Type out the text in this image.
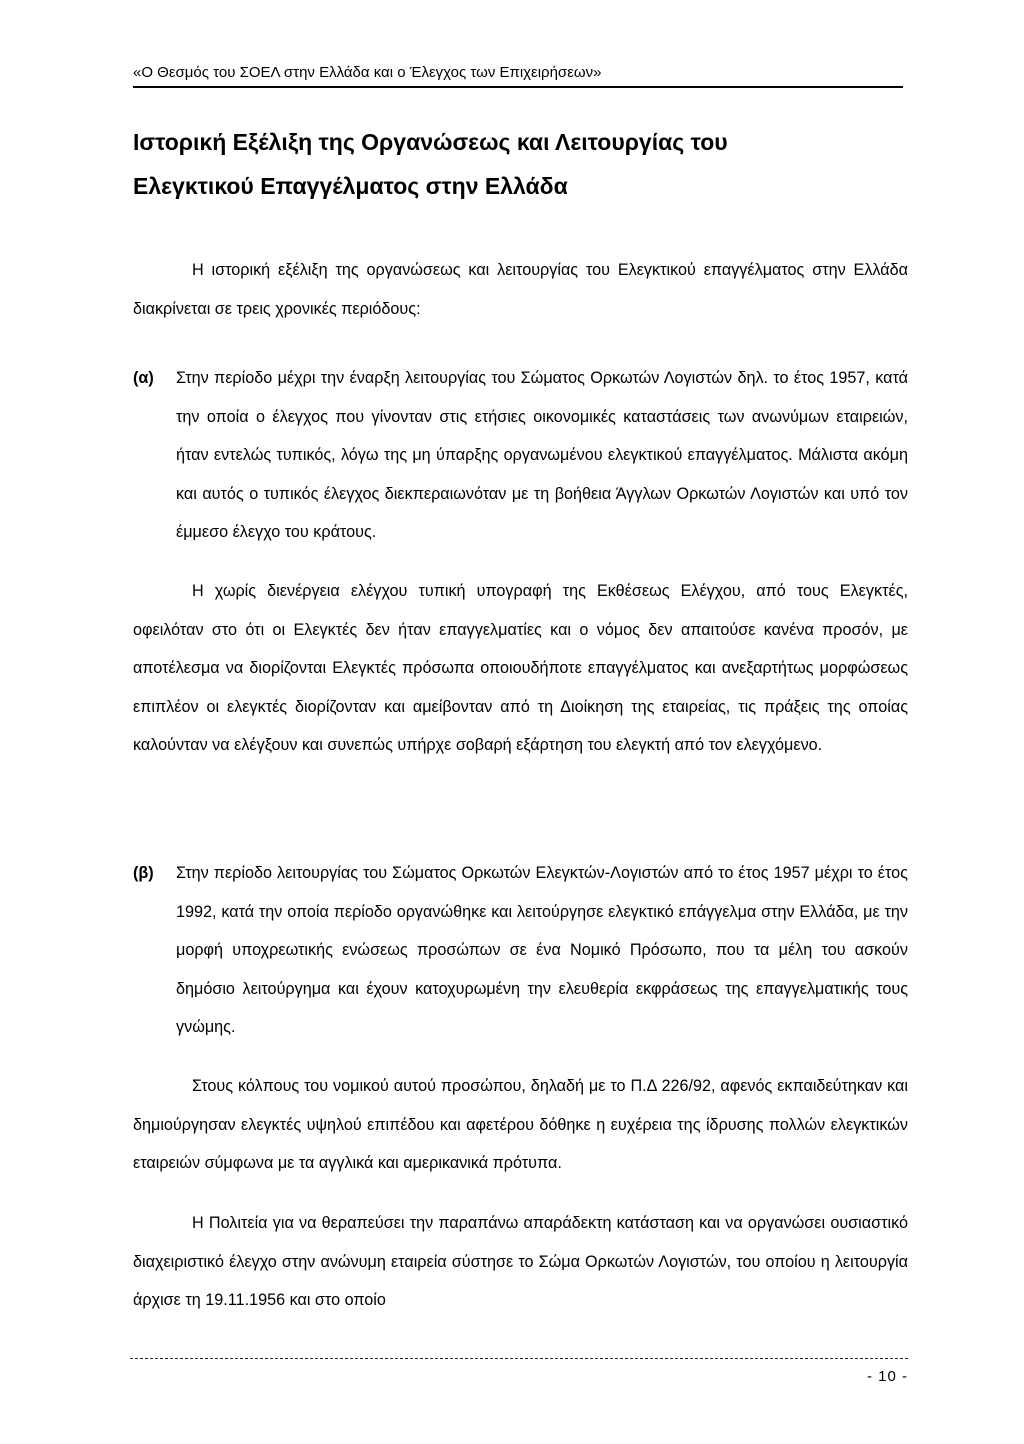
«Ο Θεσμός του ΣΟΕΛ στην Ελλάδα και ο Έλεγχος των Επιχειρήσεων»
Ιστορική Εξέλιξη της Οργανώσεως και Λειτουργίας του
Ελεγκτικού Επαγγέλματος στην Ελλάδα

Η ιστορική εξέλιξη της οργανώσεως και λειτουργίας του Ελεγκτικού επαγγέλματος στην Ελλάδα διακρίνεται σε τρεις χρονικές περιόδους:

(α) Στην περίοδο μέχρι την έναρξη λειτουργίας του Σώματος Ορκωτών Λογιστών δηλ. το έτος 1957, κατά την οποία ο έλεγχος που γίνονταν στις ετήσιες οικονομικές καταστάσεις των ανωνύμων εταιρειών, ήταν εντελώς τυπικός, λόγω της μη ύπαρξης οργανωμένου ελεγκτικού επαγγέλματος. Μάλιστα ακόμη και αυτός ο τυπικός έλεγχος διεκπεραιωνόταν με τη βοήθεια Άγγλων Ορκωτών Λογιστών και υπό τον έμμεσο έλεγχο του κράτους.

Η χωρίς διενέργεια ελέγχου τυπική υπογραφή της Εκθέσεως Ελέγχου, από τους Ελεγκτές, οφειλόταν στο ότι οι Ελεγκτές δεν ήταν επαγγελματίες και ο νόμος δεν απαιτούσε κανένα προσόν, με αποτέλεσμα να διορίζονται Ελεγκτές πρόσωπα οποιουδήποτε επαγγέλματος και ανεξαρτήτως μορφώσεως επιπλέον οι ελεγκτές διορίζονταν και αμείβονταν από τη Διοίκηση της εταιρείας, τις πράξεις της οποίας καλούνταν να ελέγξουν και συνεπώς υπήρχε σοβαρή εξάρτηση του ελεγκτή από τον ελεγχόμενο.

(β) Στην περίοδο λειτουργίας του Σώματος Ορκωτών Ελεγκτών-Λογιστών από το έτος 1957 μέχρι το έτος 1992, κατά την οποία περίοδο οργανώθηκε και λειτούργησε ελεγκτικό επάγγελμα στην Ελλάδα, με την μορφή υποχρεωτικής ενώσεως προσώπων σε ένα Νομικό Πρόσωπο, που τα μέλη του ασκούν δημόσιο λειτούργημα και έχουν κατοχυρωμένη την ελευθερία εκφράσεως της επαγγελματικής τους γνώμης.

Στους κόλπους του νομικού αυτού προσώπου, δηλαδή με το Π.Δ 226/92, αφενός εκπαιδεύτηκαν και δημιούργησαν ελεγκτές υψηλού επιπέδου και αφετέρου δόθηκε η ευχέρεια της ίδρυσης πολλών ελεγκτικών εταιρειών σύμφωνα με τα αγγλικά και αμερικανικά πρότυπα.

Η Πολιτεία για να θεραπεύσει την παραπάνω απαράδεκτη κατάσταση και να οργανώσει ουσιαστικό διαχειριστικό έλεγχο στην ανώνυμη εταιρεία σύστησε το Σώμα Ορκωτών Λογιστών, του οποίου η λειτουργία άρχισε τη 19.11.1956 και στο οποίο

- 10 -
